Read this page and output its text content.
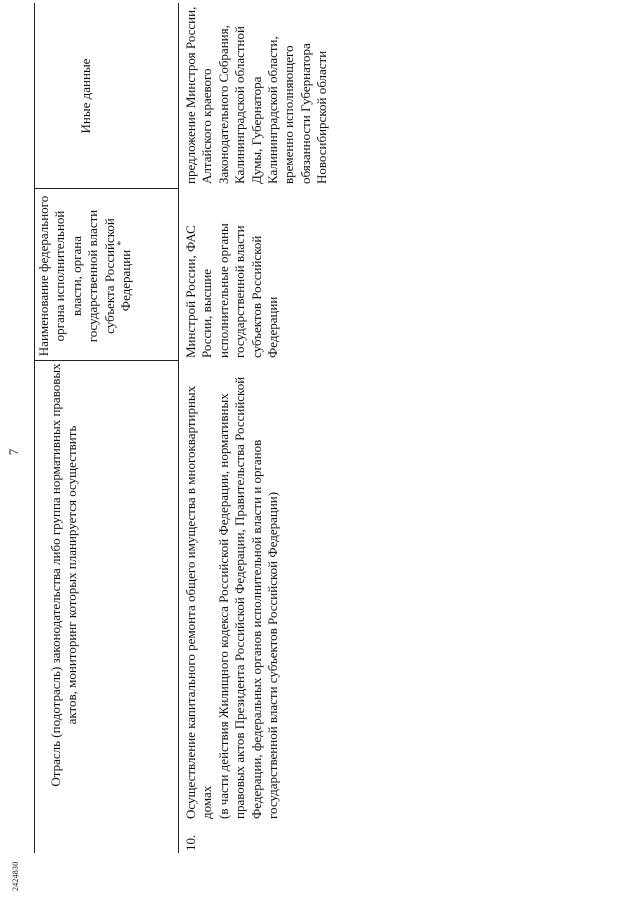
2424830
7 Отрасль (подотрасль) законодательства либо группа нормативных правовых актов, мониторинг которых планируется осуществить
Наименование федерального органа исполнительной власти, органа государственной власти субъекта Российской Федерации*
Иные данные
10.

Осуществление капитального ремонта общего имущества в многоквартирных домах (в части действия Жилищного кодекса Российской Федерации, нормативных правовых актов Президента Российской Федерации, Правительства Российской Федерации, федеральных органов исполнительной власти и органов государственной власти субъектов Российской Федерации)

Минстрой России, ФАС России, высшие исполнительные органы государственной власти субъектов Российской Федерации
предложение Минстроя России, Алтайского краевого Законодательного Собрания, Калининградской областной Думы, Губернатора Калининградской области, временно исполняющего обязанности Губернатора Новосибирской области
